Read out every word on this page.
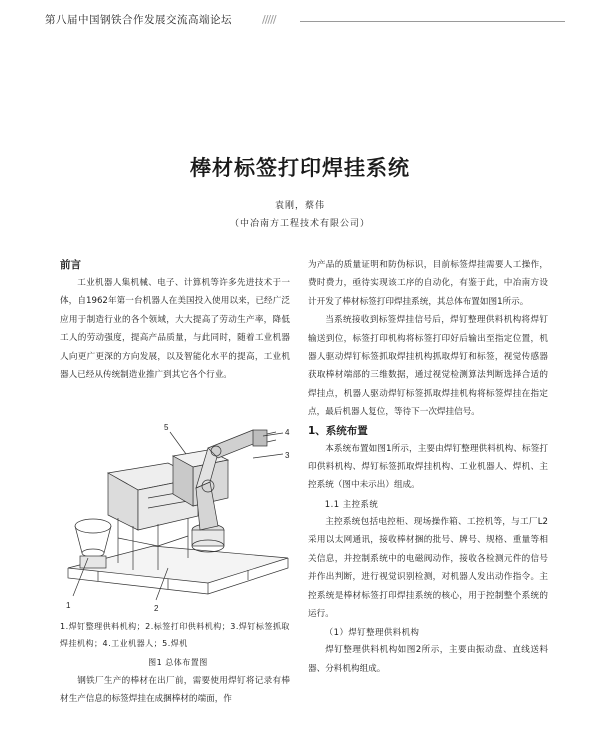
第八届中国钢铁合作发展交流高端论坛	/////
棒材标签打印焊挂系统
袁刚，蔡伟
（中冶南方工程技术有限公司）
前言

工业机器人集机械、电子、计算机等许多先进技术于一体，自1962年第一台机器人在美国投入使用以来，已经广泛应用于制造行业的各个领域，大大提高了劳动生产率，降低工人的劳动强度，提高产品质量，与此同时，随着工业机器人向更广更深的方向发展，以及智能化水平的提高，工业机器人已经从传统制造业推广到其它各个行业。

1	2
3
4
5
1.焊钉整理供料机构；2.标签打印供料机构；3.焊钉标签抓取焊挂机构；4.工业机器人；5.焊机
图1 总体布置图

钢铁厂生产的棒材在出厂前，需要使用焊钉将记录有棒材生产信息的标签焊挂在成捆棒材的端面，作

为产品的质量证明和防伪标识，目前标签焊挂需要人工操作，费时费力，亟待实现该工序的自动化，有鉴于此，中冶南方设计开发了棒材标签打印焊挂系统，其总体布置如图1所示。

当系统接收到标签焊挂信号后，焊钉整理供料机构将焊钉输送到位，标签打印机构将标签打印好后输出至指定位置，机器人驱动焊钉标签抓取焊挂机构抓取焊钉和标签，视觉传感器获取棒材端部的三维数据，通过视觉检测算法判断选择合适的焊挂点，机器人驱动焊钉标签抓取焊挂机构将标签焊挂在指定点，最后机器人复位，等待下一次焊挂信号。

1、系统布置

本系统布置如图1所示，主要由焊钉整理供料机构、标签打印供料机构、焊钉标签抓取焊挂机构、工业机器人、焊机、主控系统（图中未示出）组成。

1.1 主控系统

主控系统包括电控柜、现场操作箱、工控机等，与工厂L2采用以太网通讯，接收棒材捆的批号、牌号、规格、重量等相关信息，并控制系统中的电磁阀动作，接收各检测元件的信号并作出判断，进行视觉识别检测，对机器人发出动作指令。主控系统是棒材标签打印焊挂系统的核心，用于控制整个系统的运行。

（1）焊钉整理供料机构

焊钉整理供料机构如图2所示，主要由振动盘、直线送料器、分料机构组成。
